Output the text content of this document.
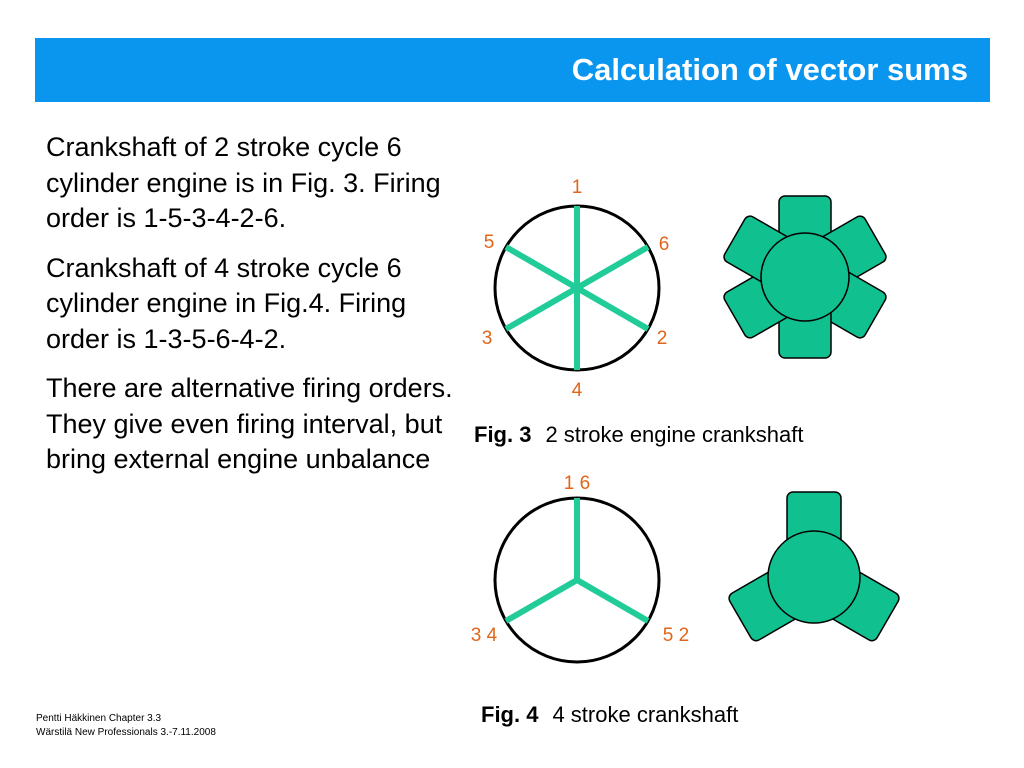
Calculation of vector sums

Crankshaft of 2 stroke cycle 6 cylinder engine is in Fig. 3. Firing order is 1-5-3-4-2-6.

Crankshaft of 4 stroke cycle 6 cylinder engine in Fig.4. Firing order is 1-3-5-6-4-2.

There are alternative firing orders. They give even firing interval, but bring external engine unbalance

1
6
2
4
3
5
1 6
5 2
3 4
Fig. 3 2 stroke engine crankshaft
Fig. 4 4 stroke crankshaft
Pentti Häkkinen Chapter 3.3
Wärstilä New Professionals 3.-7.11.2008
